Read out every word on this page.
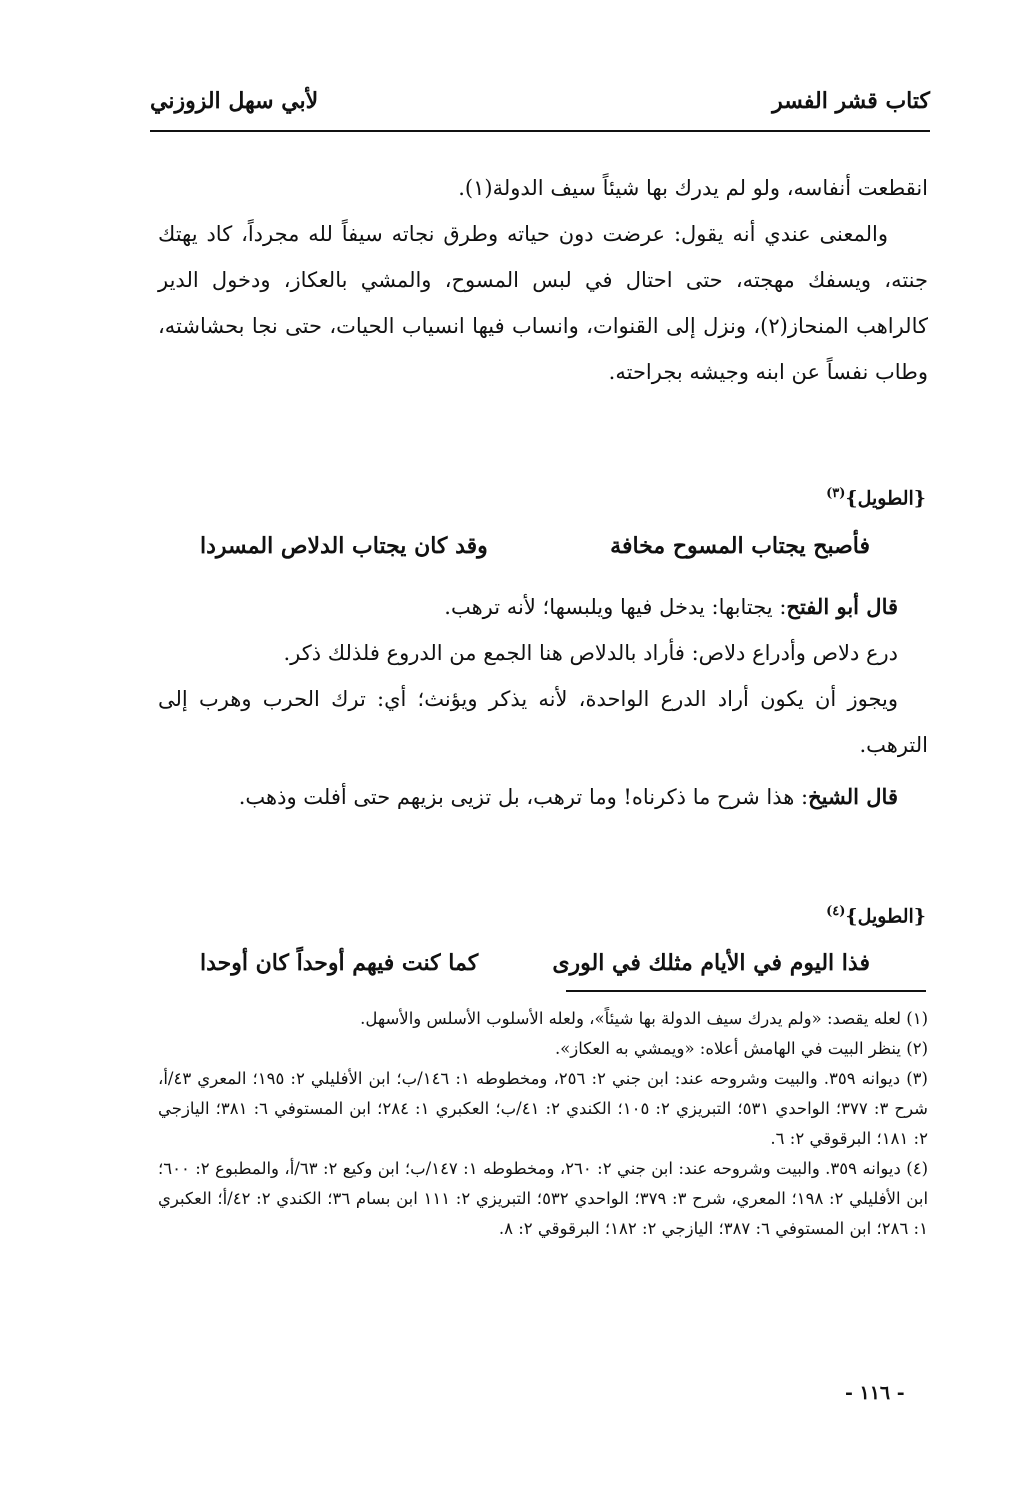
كتاب قشر الفسر
لأبي سهل الزوزني

انقطعت أنفاسه، ولو لم يدرك بها شيئاً سيف الدولة(١).

والمعنى عندي أنه يقول: عرضت دون حياته وطرق نجاته سيفاً لله مجرداً، كاد يهتك جنته، ويسفك مهجته، حتى احتال في لبس المسوح، والمشي بالعكاز، ودخول الدير كالراهب المنحاز(٢)، ونزل إلى القنوات، وانساب فيها انسياب الحيات، حتى نجا بحشاشته، وطاب نفساً عن ابنه وجيشه بجراحته.

{الطويل}$^{(٣)}$
فأصبح يجتاب المسوح مخافة
وقد كان يجتاب الدلاص المسردا

قال أبو الفتح: يجتابها: يدخل فيها ويلبسها؛ لأنه ترهب.

درع دلاص وأدراع دلاص: فأراد بالدلاص هنا الجمع من الدروع فلذلك ذكر.

ويجوز أن يكون أراد الدرع الواحدة، لأنه يذكر ويؤنث؛ أي: ترك الحرب وهرب إلى الترهب.

قال الشيخ: هذا شرح ما ذكرناه! وما ترهب، بل تزيى بزيهم حتى أفلت وذهب.

{الطويل}$^{(٤)}$
فذا اليوم في الأيام مثلك في الورى
كما كنت فيهم أوحداً كان أوحدا

(١) لعله يقصد: «ولم يدرك سيف الدولة بها شيئاً»، ولعله الأسلوب الأسلس والأسهل.

(٢) ينظر البيت في الهامش أعلاه: «ويمشي به العكاز».

(٣) ديوانه ٣٥٩. والبيت وشروحه عند: ابن جني ٢: ٢٥٦، ومخطوطه ١: ١٤٦/ب؛ ابن الأفليلي ٢: ١٩٥؛ المعري ٤٣/أ، شرح ٣: ٣٧٧؛ الواحدي ٥٣١؛ التبريزي ٢: ١٠٥؛ الكندي ٢: ٤١/ب؛ العكبري ١: ٢٨٤؛ ابن المستوفي ٦: ٣٨١؛ اليازجي ٢: ١٨١؛ البرقوقي ٢: ٦.

(٤) ديوانه ٣٥٩. والبيت وشروحه عند: ابن جني ٢: ٢٦٠، ومخطوطه ١: ١٤٧/ب؛ ابن وكيع ٢: ٦٣/أ، والمطبوع ٢: ٦٠٠؛ ابن الأفليلي ٢: ١٩٨؛ المعري، شرح ٣: ٣٧٩؛ الواحدي ٥٣٢؛ التبريزي ٢: ١١١ ابن بسام ٣٦؛ الكندي ٢: ٤٢/أ؛ العكبري ١: ٢٨٦؛ ابن المستوفي ٦: ٣٨٧؛ اليازجي ٢: ١٨٢؛ البرقوقي ٢: ٨.

- ١١٦ -
